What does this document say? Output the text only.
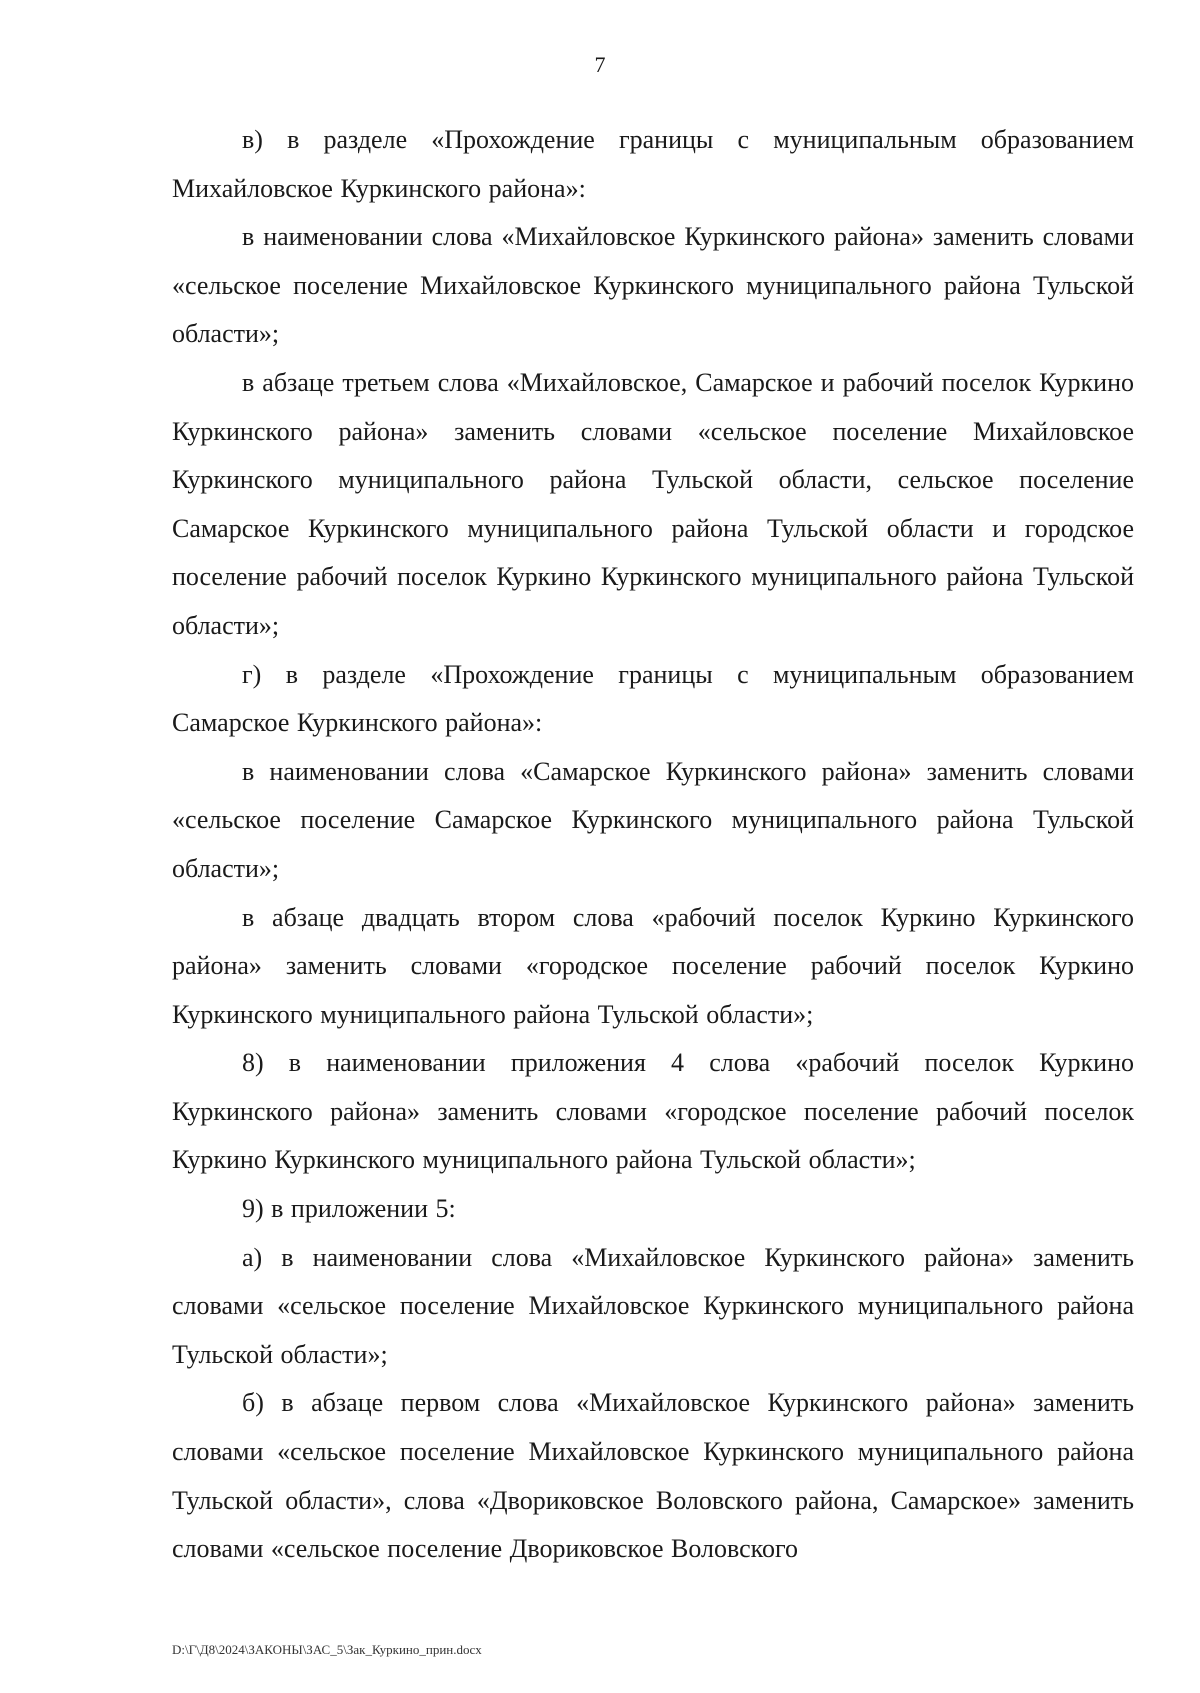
7

в) в разделе «Прохождение границы с муниципальным образованием Михайловское Куркинского района»:

в наименовании слова «Михайловское Куркинского района» заменить словами «сельское поселение Михайловское Куркинского муниципального района Тульской области»;

в абзаце третьем слова «Михайловское, Самарское и рабочий поселок Куркино Куркинского района» заменить словами «сельское поселение Михайловское Куркинского муниципального района Тульской области, сельское поселение Самарское Куркинского муниципального района Тульской области и городское поселение рабочий поселок Куркино Куркинского муниципального района Тульской области»;

г) в разделе «Прохождение границы с муниципальным образованием Самарское Куркинского района»:

в наименовании слова «Самарское Куркинского района» заменить словами «сельское поселение Самарское Куркинского муниципального района Тульской области»;

в абзаце двадцать втором слова «рабочий поселок Куркино Куркинского района» заменить словами «городское поселение рабочий поселок Куркино Куркинского муниципального района Тульской области»;

8) в наименовании приложения 4 слова «рабочий поселок Куркино Куркинского района» заменить словами «городское поселение рабочий поселок Куркино Куркинского муниципального района Тульской области»;

9) в приложении 5:

а) в наименовании слова «Михайловское Куркинского района» заменить словами «сельское поселение Михайловское Куркинского муниципального района Тульской области»;

б) в абзаце первом слова «Михайловское Куркинского района» заменить словами «сельское поселение Михайловское Куркинского муниципального района Тульской области», слова «Двориковское Воловского района, Самарское» заменить словами «сельское поселение Двориковское Воловского

D:\Г\Д8\2024\ЗАКОНЫ\ЗАС_5\Зак_Куркино_прин.docx
